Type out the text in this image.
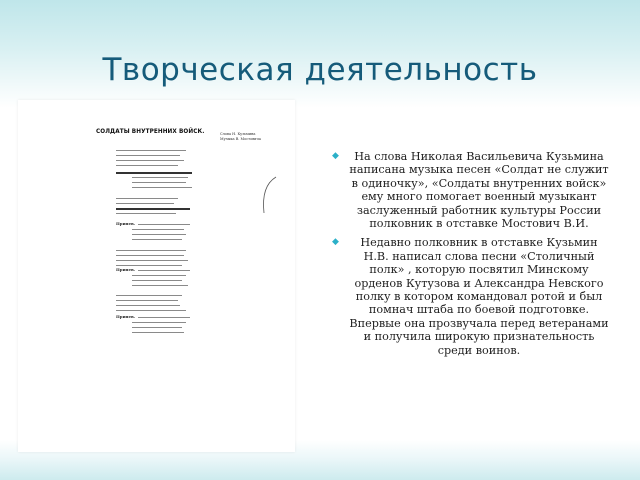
Творческая деятельность
СОЛДАТЫ ВНУТРЕННИХ ВОЙСК.	Слова Н. Кузьмина
Музыка В. Мостовича
Припев.
Припев.
Припев.
◆ На слова Николая Васильевича Кузьмина написана музыка песен «Солдат не служит в одиночку», «Солдаты внутренних войск» ему много помогает военный музыкант заслуженный работник культуры России полковник в отставке Мостович В.И.
◆ Недавно полковник в отставке Кузьмин Н.В. написал слова песни «Столичный полк» , которую посвятил Минскому орденов Кутузова и Александра Невского полку в котором командовал ротой и был помнач штаба по боевой подготовке. Впервые она прозвучала перед ветеранами и получила широкую признательность среди воинов.
